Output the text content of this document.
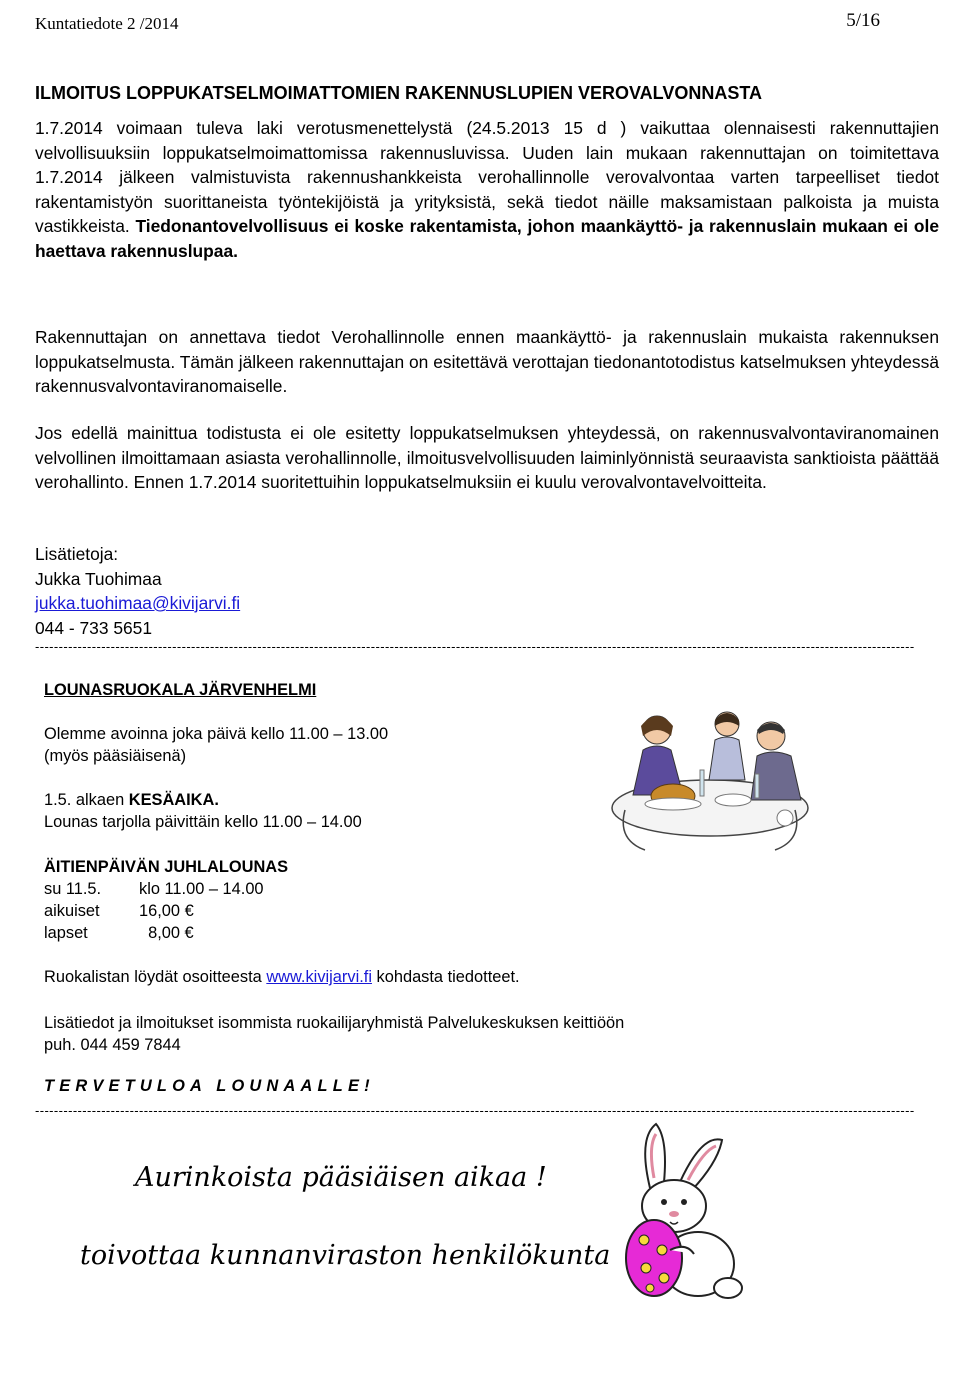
Kuntatiedote 2 /2014	5/16
ILMOITUS LOPPUKATSELMOIMATTOMIEN RAKENNUSLUPIEN VEROVALVONNASTA

1.7.2014 voimaan tuleva laki verotusmenettelystä (24.5.2013 15 d ) vaikuttaa olennaisesti rakennuttajien velvollisuuksiin loppukatselmoimattomissa rakennusluvissa. Uuden lain mukaan rakennuttajan on toimitettava 1.7.2014 jälkeen valmistuvista rakennushankkeista verohallinnolle verovalvontaa varten tarpeelliset tiedot rakentamistyön suorittaneista työntekijöistä ja yrityksistä, sekä tiedot näille maksamistaan palkoista ja muista vastikkeista. Tiedonantovelvollisuus ei koske rakentamista, johon maankäyttö- ja rakennuslain mukaan ei ole haettava rakennuslupaa.

Rakennuttajan on annettava tiedot Verohallinnolle ennen maankäyttö- ja rakennuslain mukaista rakennuksen loppukatselmusta. Tämän jälkeen rakennuttajan on esitettävä verottajan tiedonantotodistus katselmuksen yhteydessä rakennusvalvontaviranomaiselle.

Jos edellä mainittua todistusta ei ole esitetty loppukatselmuksen yhteydessä, on rakennusvalvontaviranomainen velvollinen ilmoittamaan asiasta verohallinnolle, ilmoitusvelvollisuuden laiminlyönnistä seuraavista sanktioista päättää verohallinto. Ennen 1.7.2014 suoritettuihin loppukatselmuksiin ei kuulu verovalvontavelvoitteita.

Lisätietoja:
Jukka Tuohimaa
jukka.tuohimaa@kivijarvi.fi
044 - 733 5651
------------------------------------------------------------------------------------------------------------------------------------------------------------------------------------------
LOUNASRUOKALA JÄRVENHELMI
Olemme avoinna joka päivä kello 11.00 – 13.00
(myös pääsiäisenä)
1.5. alkaen KESÄAIKA.
Lounas tarjolla päivittäin kello 11.00 – 14.00
ÄITIENPÄIVÄN JUHLALOUNAS
su 11.5.	klo 11.00 – 14.00
aikuiset	16,00 €
lapset	8,00 €
Ruokalistan löydät osoitteesta www.kivijarvi.fi kohdasta tiedotteet.
Lisätiedot ja ilmoitukset isommista ruokailijaryhmistä Palvelukeskuksen keittiöön
puh. 044 459 7844
TERVETULOA LOUNAALLE!
------------------------------------------------------------------------------------------------------------------------------------------------------------------------------------------
Aurinkoista pääsiäisen aikaa !
toivottaa kunnanviraston henkilökunta
